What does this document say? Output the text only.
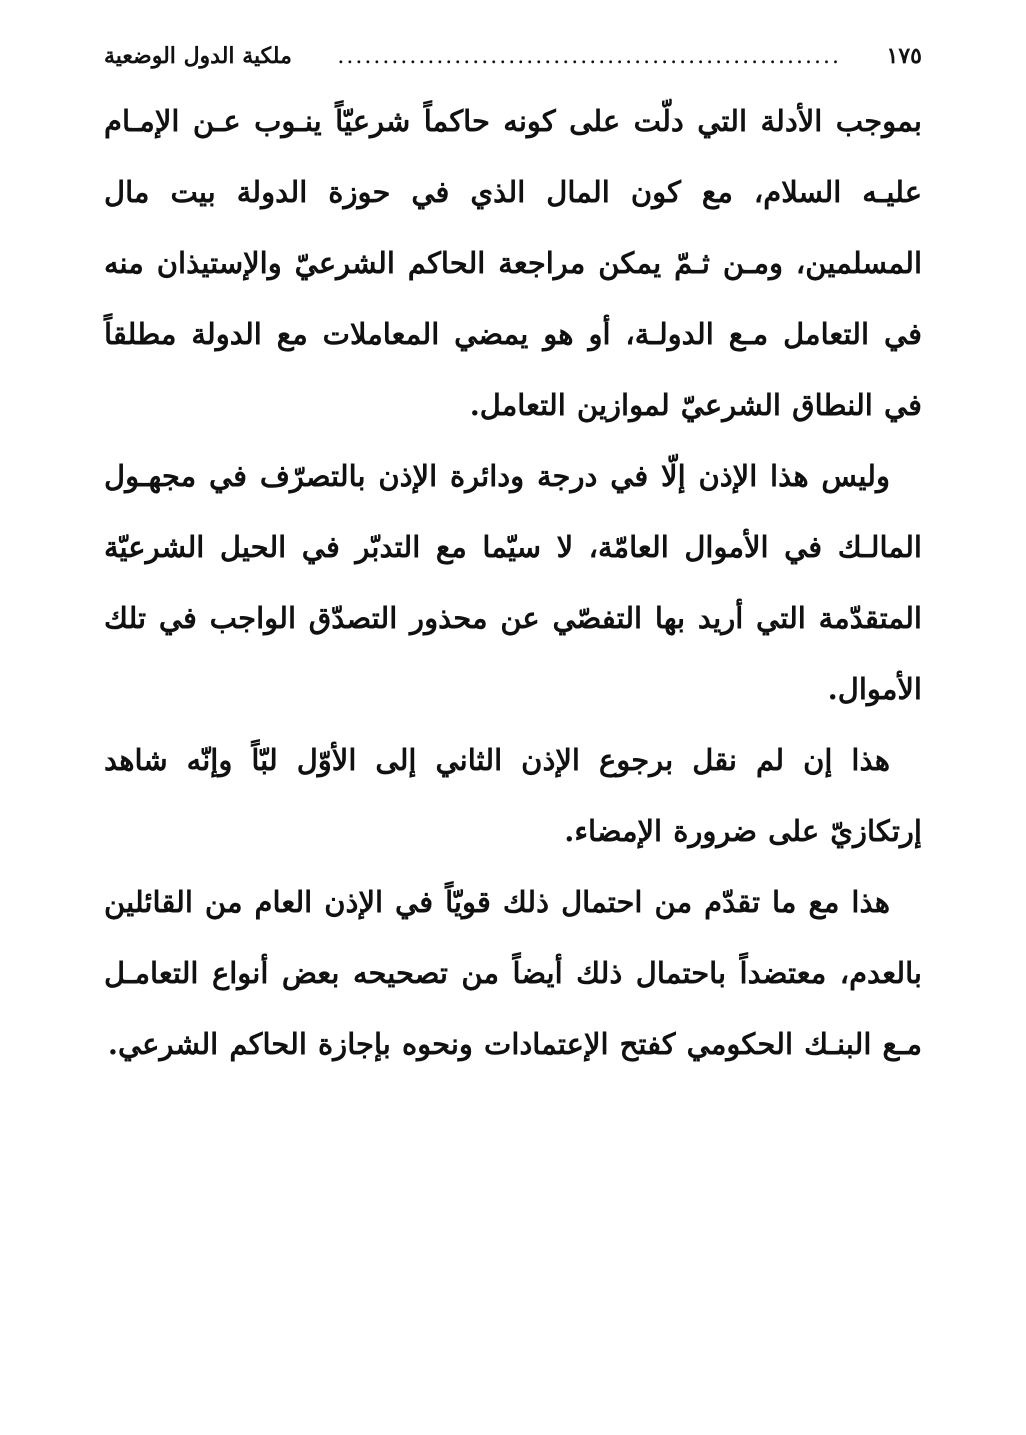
١٧٥
........................................................
ملكية الدول الوضعية

بموجب الأدلة التي دلّت على كونه حاكماً شرعيّاً ينـوب عـن الإمـام عليـه السلام، مع كون المال الذي في حوزة الدولة بيت مال المسلمين، ومـن ثـمّ يمكن مراجعة الحاكم الشرعيّ والإستيذان منه في التعامل مـع الدولـة، أو هو يمضي المعاملات مع الدولة مطلقاً في النطاق الشرعيّ لموازين التعامل.

وليس هذا الإذن إلّا في درجة ودائرة الإذن بالتصرّف في مجهـول المالـك في الأموال العامّة، لا سيّما مع التدبّر في الحيل الشرعيّة المتقدّمة التي أريد بها التفصّي عن محذور التصدّق الواجب في تلك الأموال.

هذا إن لم نقل برجوع الإذن الثاني إلى الأوّل لبّاً وإنّه شاهد إرتكازيّ على ضرورة الإمضاء.

هذا مع ما تقدّم من احتمال ذلك قويّاً في الإذن العام من القائلين بالعدم، معتضداً باحتمال ذلك أيضاً من تصحيحه بعض أنواع التعامـل مـع البنـك الحكومي كفتح الإعتمادات ونحوه بإجازة الحاكم الشرعي.
